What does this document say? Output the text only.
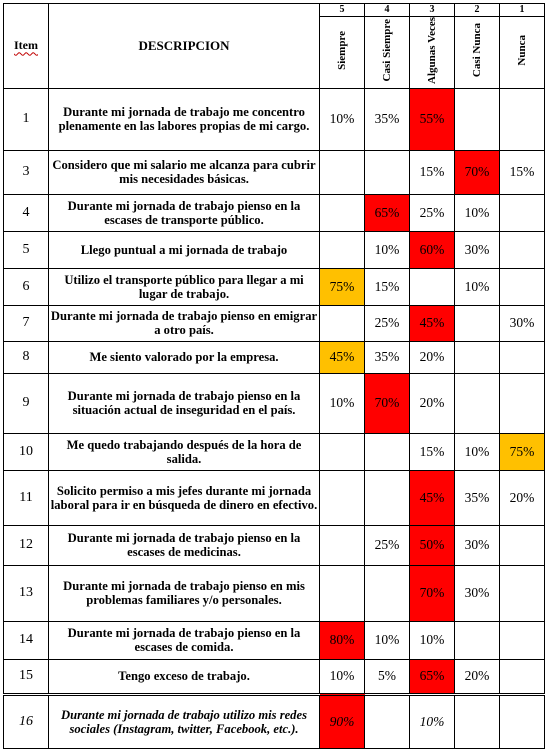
Item	DESCRIPCION	5	4	3	2	1
		Siempre	Casi Siempre	Algunas Veces	Casi Nunca	Nunca
1	Durante mi jornada de trabajo me concentro plenamente en las labores propias de mi cargo.	10%	35%	55%		
3	Considero que mi salario me alcanza para cubrir mis necesidades básicas.			15%	70%	15%
4	Durante mi jornada de trabajo pienso en la escases de transporte público.		65%	25%	10%	
5	Llego puntual a mi jornada de trabajo		10%	60%	30%	
6	Utilizo el transporte público para llegar a mi lugar de trabajo.	75%	15%		10%	
7	Durante mi jornada de trabajo pienso en emigrar a otro país.		25%	45%		30%
8	Me siento valorado por la empresa.	45%	35%	20%		
9	Durante mi jornada de trabajo pienso en la situación actual de inseguridad en el país.	10%	70%	20%		
10	Me quedo trabajando después de la hora de salida.			15%	10%	75%
11	Solicito permiso a mis jefes durante mi jornada laboral para ir en búsqueda de dinero en efectivo.			45%	35%	20%
12	Durante mi jornada de trabajo pienso en la escases de medicinas.		25%	50%	30%	
13	Durante mi jornada de trabajo pienso en mis problemas familiares y/o personales.			70%	30%	
14	Durante mi jornada de trabajo pienso en la escases de comida.	80%	10%	10%		
15	Tengo exceso de trabajo.	10%	5%	65%	20%	
16	Durante mi jornada de trabajo utilizo mis redes sociales (Instagram, twitter, Facebook, etc.).	90%		10%		
